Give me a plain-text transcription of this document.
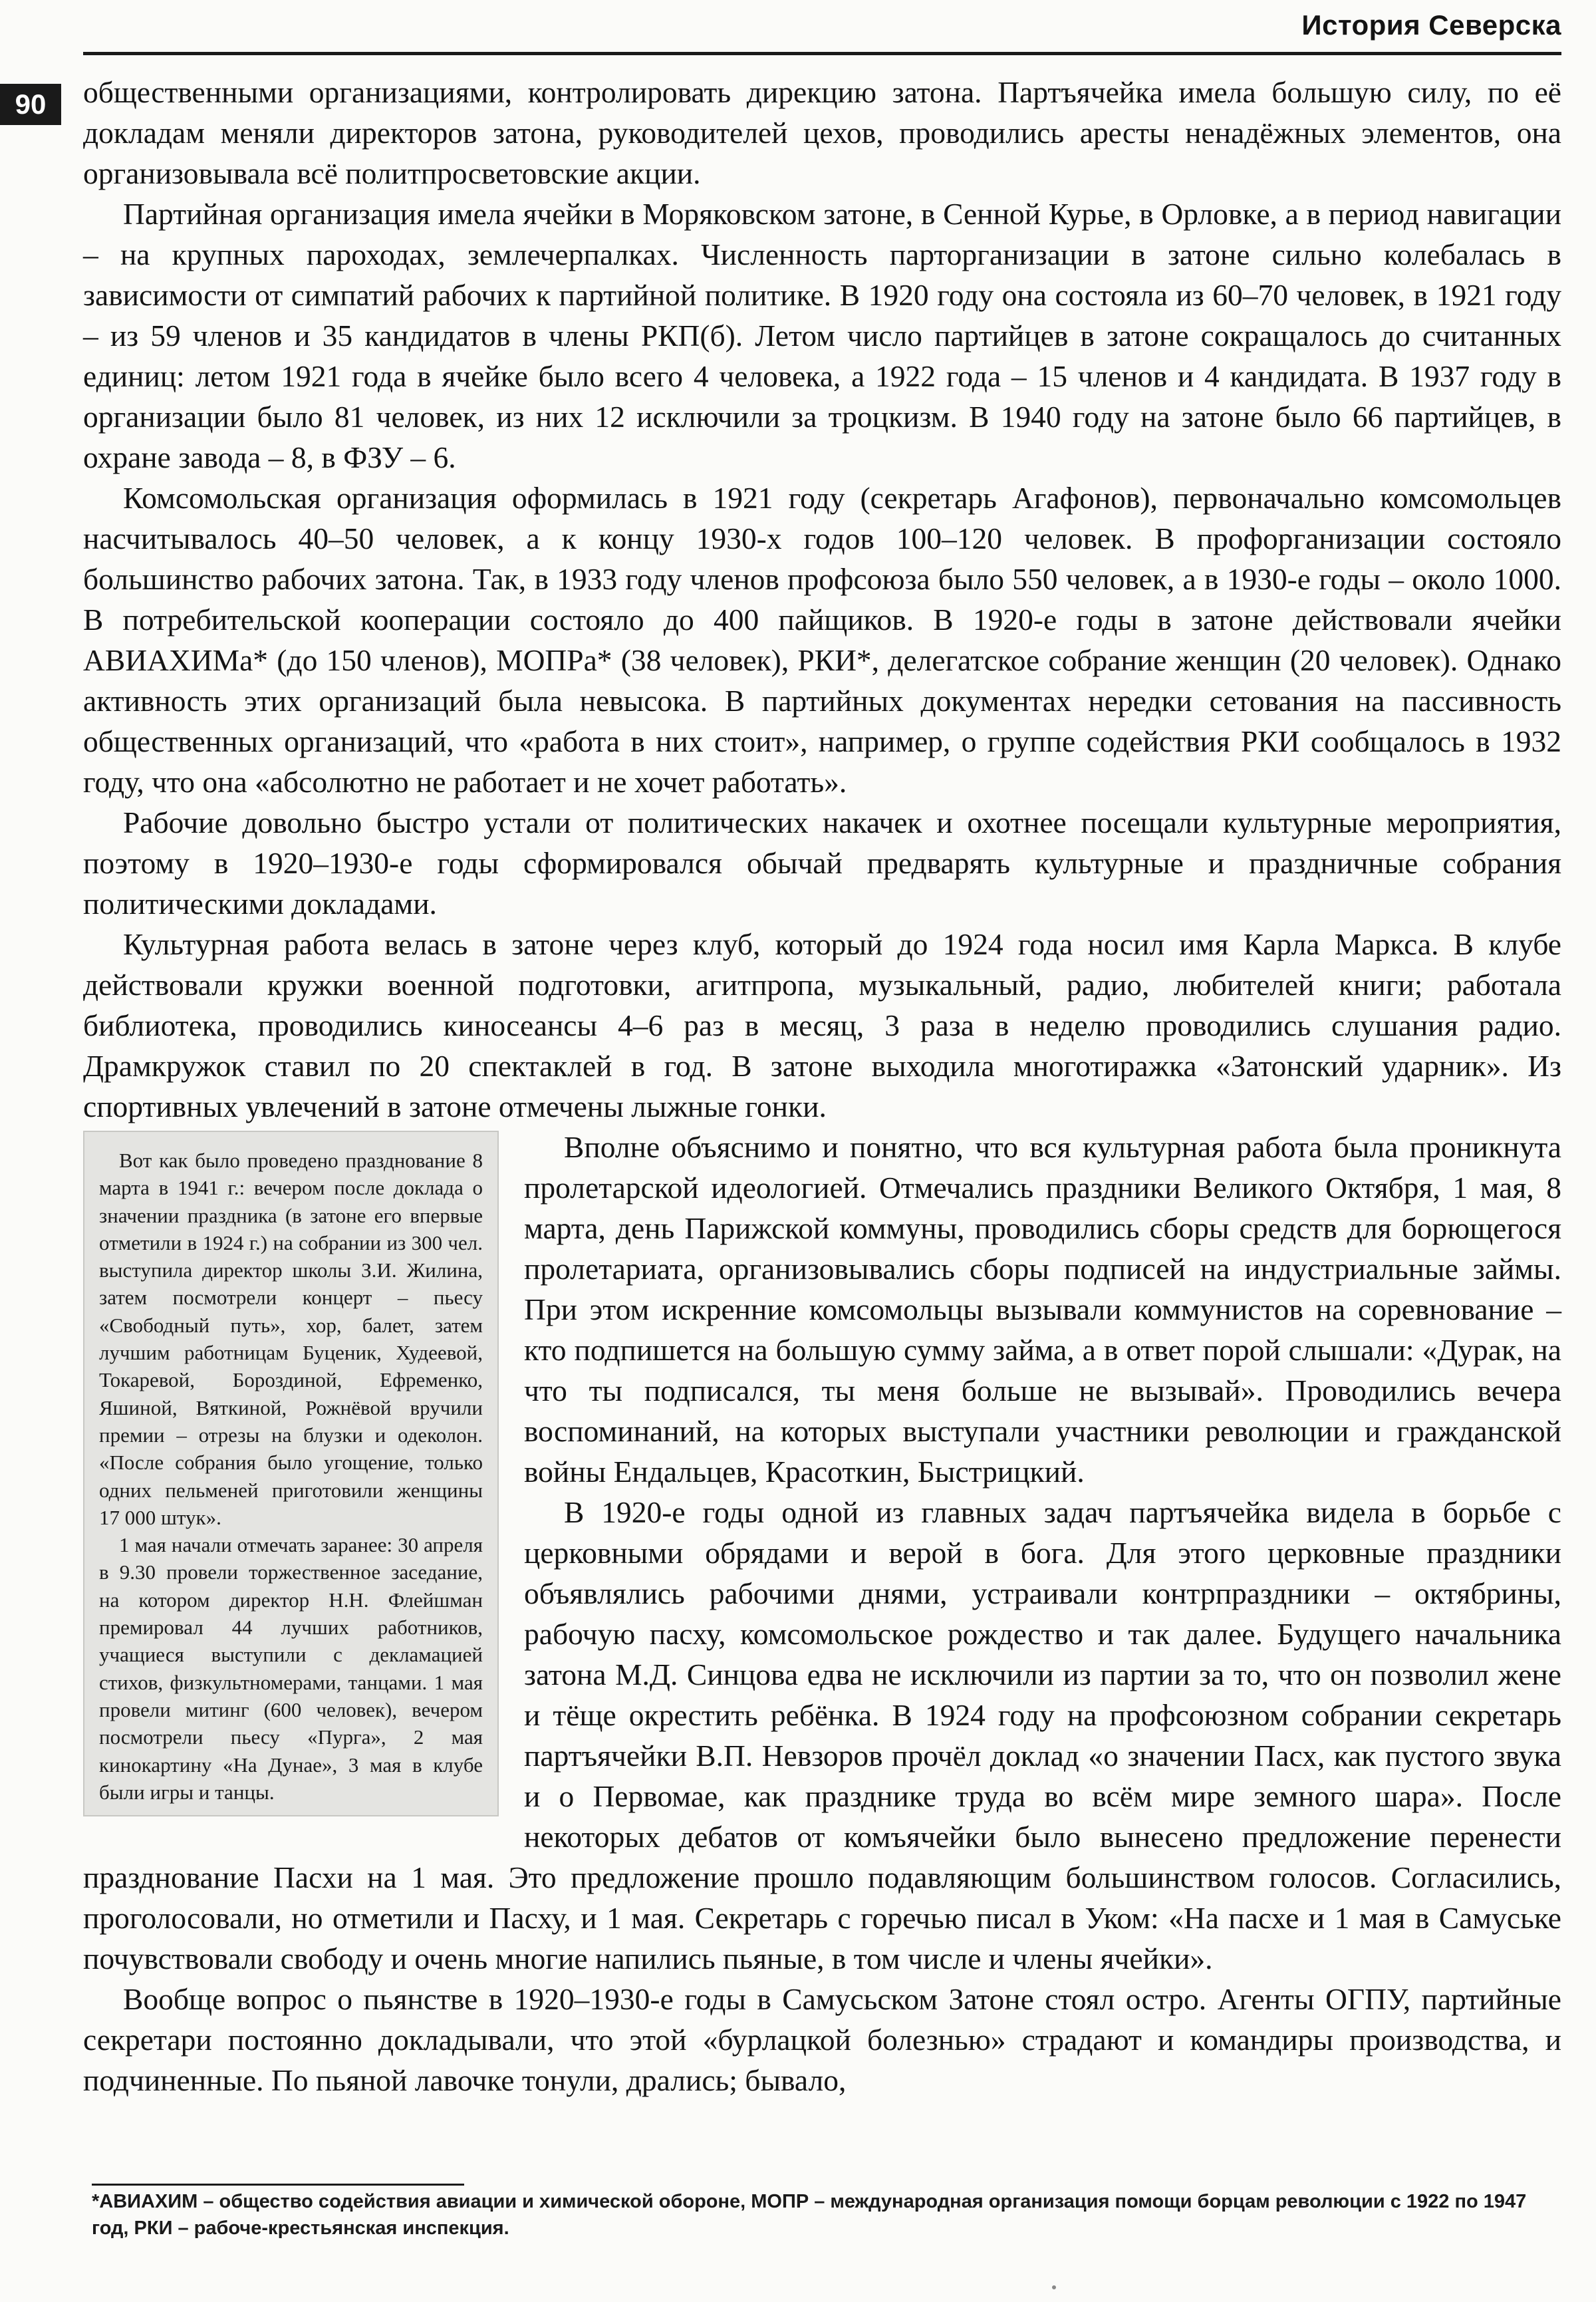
История Северска
90	общественными организациями, контролировать дирекцию затона. Партъячейка имела большую силу, по её докладам меняли директоров затона, руководителей цехов, проводились аресты ненадёжных элементов, она организовывала всё политпросветовские акции.

Партийная организация имела ячейки в Моряковском затоне, в Сенной Курье, в Орловке, а в период навигации – на крупных пароходах, землечерпалках. Численность парторганизации в затоне сильно колебалась в зависимости от симпатий рабочих к партийной политике. В 1920 году она состояла из 60–70 человек, в 1921 году – из 59 членов и 35 кандидатов в члены РКП(б). Летом число партийцев в затоне сокращалось до считанных единиц: летом 1921 года в ячейке было всего 4 человека, а 1922 года – 15 членов и 4 кандидата. В 1937 году в организации было 81 человек, из них 12 исключили за троцкизм. В 1940 году на затоне было 66 партийцев, в охране завода – 8, в ФЗУ – 6.

Комсомольская организация оформилась в 1921 году (секретарь Агафонов), первоначально комсомольцев насчитывалось 40–50 человек, а к концу 1930-х годов 100–120 человек. В профорганизации состояло большинство рабочих затона. Так, в 1933 году членов профсоюза было 550 человек, а в 1930-е годы – около 1000. В потребительской кооперации состояло до 400 пайщиков. В 1920-е годы в затоне действовали ячейки АВИАХИМа* (до 150 членов), МОПРа* (38 человек), РКИ*, делегатское собрание женщин (20 человек). Однако активность этих организаций была невысока. В партийных документах нередки сетования на пассивность общественных организаций, что «работа в них стоит», например, о группе содействия РКИ сообщалось в 1932 году, что она «абсолютно не работает и не хочет работать».

Рабочие довольно быстро устали от политических накачек и охотнее посещали культурные мероприятия, поэтому в 1920–1930-е годы сформировался обычай предварять культурные и праздничные собрания политическими докладами.

Культурная работа велась в затоне через клуб, который до 1924 года носил имя Карла Маркса. В клубе действовали кружки военной подготовки, агитпропа, музыкальный, радио, любителей книги; работала библиотека, проводились киносеансы 4–6 раз в месяц, 3 раза в неделю проводились слушания радио. Драмкружок ставил по 20 спектаклей в год. В затоне выходила многотиражка «Затонский ударник». Из спортивных увлечений в затоне отмечены лыжные гонки.

Вот как было проведено празднование 8 марта в 1941 г.: вечером после доклада о значении праздника (в затоне его впервые отметили в 1924 г.) на собрании из 300 чел. выступила директор школы З.И. Жилина, затем посмотрели концерт – пьесу «Свободный путь», хор, балет, затем лучшим работницам Буценик, Худеевой, Токаревой, Бороздиной, Ефременко, Яшиной, Вяткиной, Рожнёвой вручили премии – отрезы на блузки и одеколон. «После собрания было угощение, только одних пельменей приготовили женщины 17 000 штук».

1 мая начали отмечать заранее: 30 апреля в 9.30 провели торжественное заседание, на котором директор Н.Н. Флейшман премировал 44 лучших работников, учащиеся выступили с декламацией стихов, физкультномерами, танцами. 1 мая провели митинг (600 человек), вечером посмотрели пьесу «Пурга», 2 мая кинокартину «На Дунае», 3 мая в клубе были игры и танцы.

Вполне объяснимо и понятно, что вся культурная работа была проникнута пролетарской идеологией. Отмечались праздники Великого Октября, 1 мая, 8 марта, день Парижской коммуны, проводились сборы средств для борющегося пролетариата, организовывались сборы подписей на индустриальные займы. При этом искренние комсомольцы вызывали коммунистов на соревнование – кто подпишется на большую сумму займа, а в ответ порой слышали: «Дурак, на что ты подписался, ты меня больше не вызывай». Проводились вечера воспоминаний, на которых выступали участники революции и гражданской войны Ендальцев, Красоткин, Быстрицкий.

В 1920-е годы одной из главных задач партъячейка видела в борьбе с церковными обрядами и верой в бога. Для этого церковные праздники объявлялись рабочими днями, устраивали контрпраздники – октябрины, рабочую пасху, комсомольское рождество и так далее. Будущего начальника затона М.Д. Синцова едва не исключили из партии за то, что он позволил жене и тёще окрестить ребёнка. В 1924 году на профсоюзном собрании секретарь партъячейки В.П. Невзоров прочёл доклад «о значении Пасх, как пустого звука и о Первомае, как празднике труда во всём мире земного шара». После некоторых дебатов от комъячейки было вынесено предложение перенести празднование Пасхи на 1 мая. Это предложение прошло подавляющим большинством голосов. Согласились, проголосовали, но отметили и Пасху, и 1 мая. Секретарь с горечью писал в Уком: «На пасхе и 1 мая в Самуське почувствовали свободу и очень многие напились пьяные, в том числе и члены ячейки».

Вообще вопрос о пьянстве в 1920–1930-е годы в Самусьском Затоне стоял остро. Агенты ОГПУ, партийные секретари постоянно докладывали, что этой «бурлацкой болезнью» страдают и командиры производства, и подчиненные. По пьяной лавочке тонули, дрались; бывало,

*АВИАХИМ – общество содействия авиации и химической обороне, МОПР – международная организация помощи борцам революции с 1922 по 1947 год, РКИ – рабоче-крестьянская инспекция.
